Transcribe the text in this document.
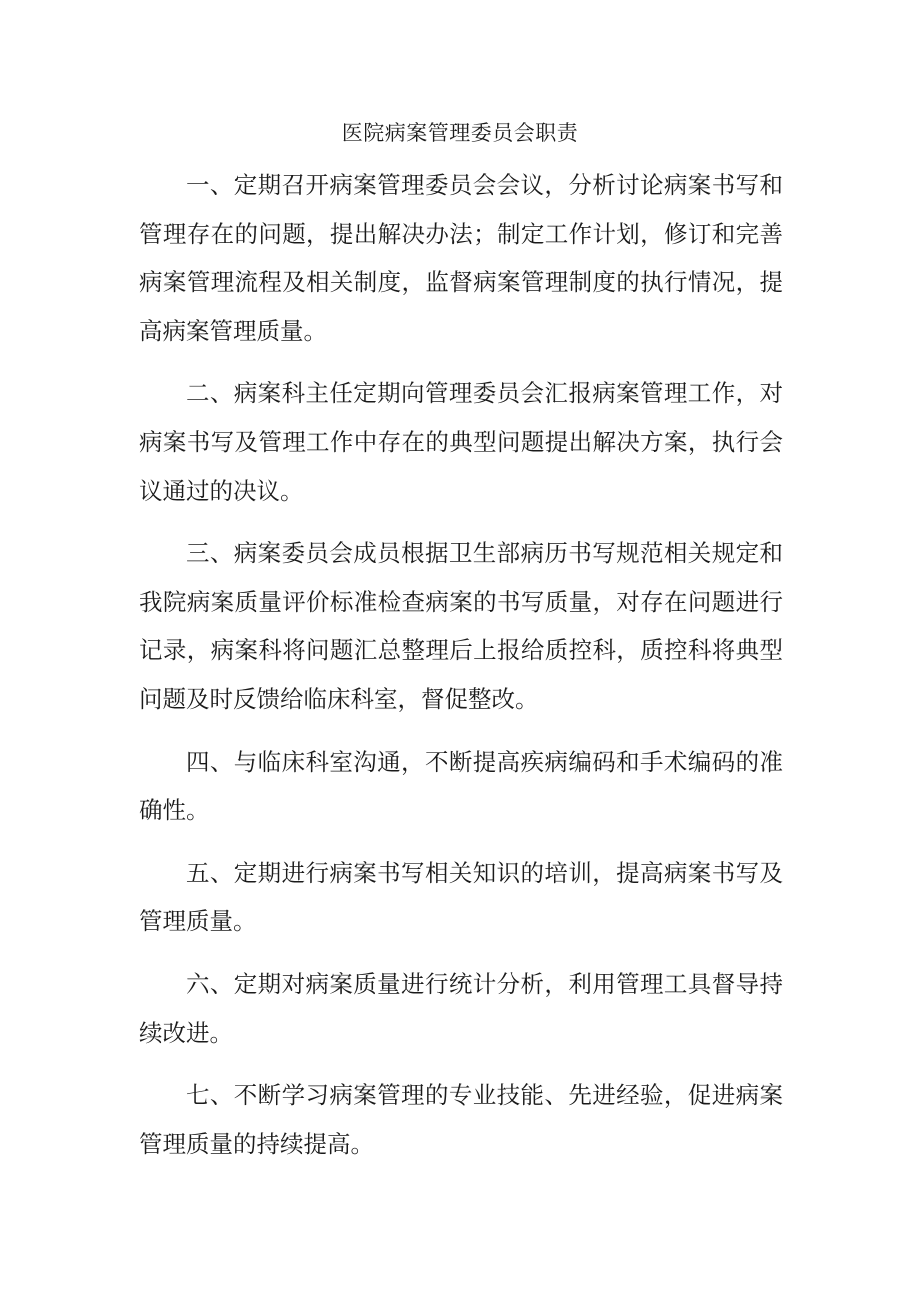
医院病案管理委员会职责

一、定期召开病案管理委员会会议，分析讨论病案书写和管理存在的问题，提出解决办法；制定工作计划，修订和完善病案管理流程及相关制度，监督病案管理制度的执行情况，提高病案管理质量。

二、病案科主任定期向管理委员会汇报病案管理工作，对病案书写及管理工作中存在的典型问题提出解决方案，执行会议通过的决议。

三、病案委员会成员根据卫生部病历书写规范相关规定和我院病案质量评价标准检查病案的书写质量，对存在问题进行记录，病案科将问题汇总整理后上报给质控科，质控科将典型问题及时反馈给临床科室，督促整改。

四、与临床科室沟通，不断提高疾病编码和手术编码的准确性。

五、定期进行病案书写相关知识的培训，提高病案书写及管理质量。

六、定期对病案质量进行统计分析，利用管理工具督导持续改进。

七、不断学习病案管理的专业技能、先进经验，促进病案管理质量的持续提高。
